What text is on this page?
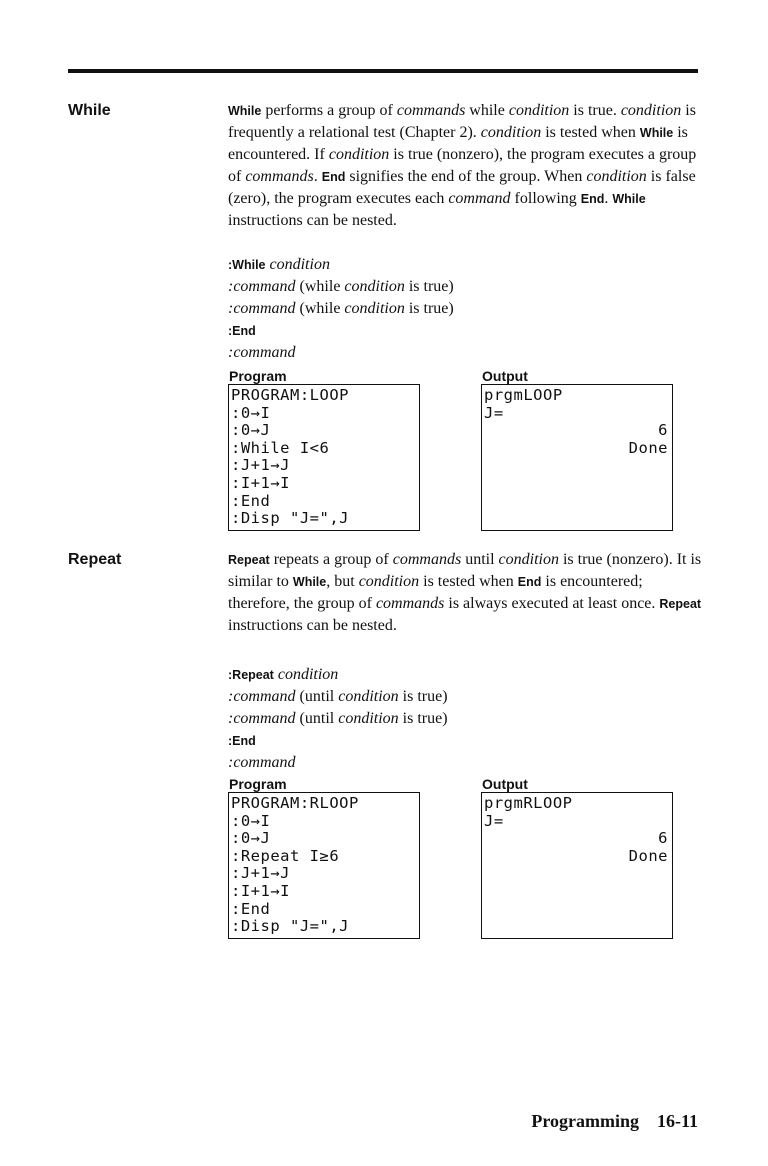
While	While performs a group of commands while condition is true. condition is frequently a relational test (Chapter 2). condition is tested when While is encountered. If condition is true (nonzero), the program executes a group of commands. End signifies the end of the group. When condition is false (zero), the program executes each command following End. While instructions can be nested.

:While condition
:command (while condition is true)
:command (while condition is true)
:End
:command
Program	Output
PROGRAM:LOOP
:0→I
:0→J
:While I<6
:J+1→J
:I+1→I
:End
:Disp "J=",J
prgmLOOP
J=
6
Done
Repeat	Repeat repeats a group of commands until condition is true (nonzero). It is similar to While, but condition is tested when End is encountered; therefore, the group of commands is always executed at least once. Repeat instructions can be nested.

:Repeat condition
:command (until condition is true)
:command (until condition is true)
:End
:command
Program	Output
PROGRAM:RLOOP
:0→I
:0→J
:Repeat I≥6
:J+1→J
:I+1→I
:End
:Disp "J=",J
prgmRLOOP
J=
6
Done
Programming 16-11
